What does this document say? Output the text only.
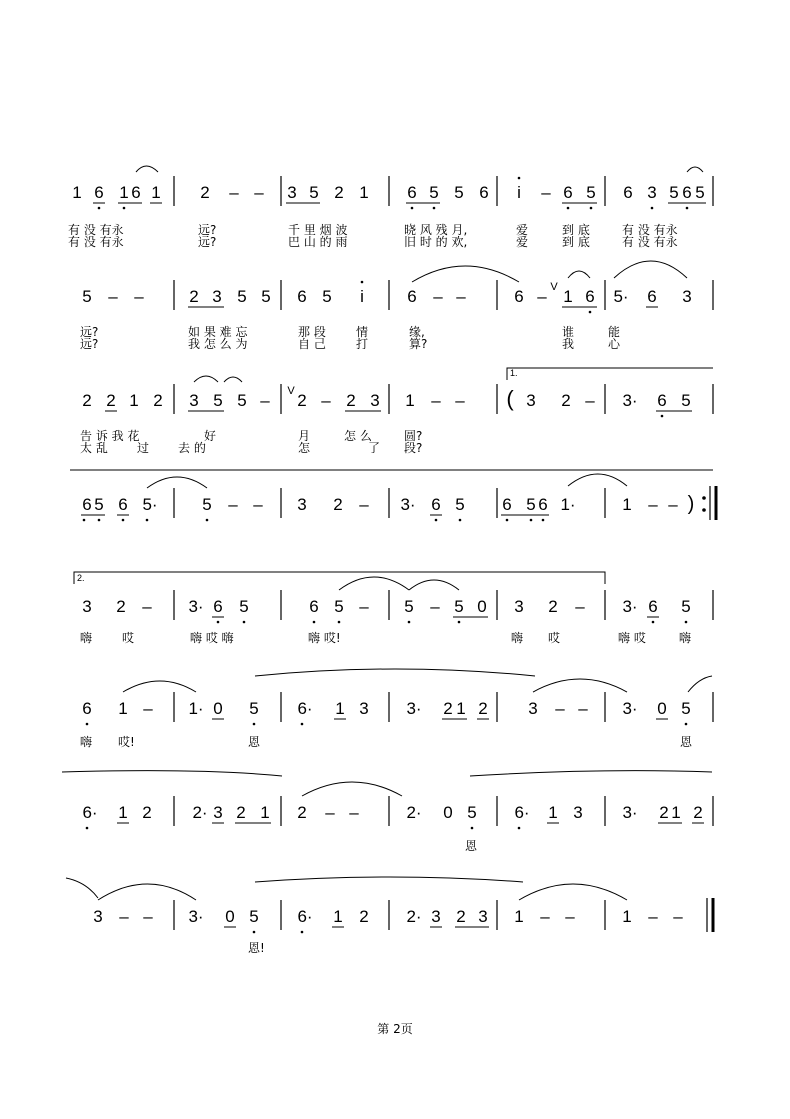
1 6 1 6 1 2 – – 3 5 2 1 6 5 5 6 i – 6 5 6 3 5 6 5
有 没 有永	远?	千 里 烟 波	晓 风 残 月,	爱	到 底	有 没 有永
有 没 有永	远?	巴 山 的 雨	旧 时 的 欢,	爱	到 底	有 没 有永
5 – –	2 3 5 5 6 5 i	6 – –	6 – V 1 6 5· 6 3
远?	如 果 难 忘	那 段	情	缘,	谁	能
远?	我 怎 么 为	自 己	打	算?	我	心
1.
2 2 1 2 3 5 5 – V 2 – 2 3 1 – – ( 3 2 – 3· 6 5
告 诉 我 花	好	月	怎 么	圆?
太 乱 过 去 的	怎	了 段?
6 5 6 5·	5 – – 3 2 – 3· 6 5 6 5 6 1·	1 – – )
2.
3 2 – 3· 6 5	6 5 – 5 – 5 0 3 2 – 3· 6 5
嗨 哎	嗨 哎 嗨	嗨 哎!	嗨 哎	嗨 哎	嗨
6 1 – 1· 0 5 6· 1 3 3· 2 1 2 3 – – 3· 0 5
嗨 哎!	恩	恩
6· 1 2 2· 3 2 1 2 – –	2· 0 5 6· 1 3 3· 2 1 2
恩
3 – – 3· 0 5 6· 1 2 2· 3 2 3 1 – –	1 – –
恩!
第 2页
